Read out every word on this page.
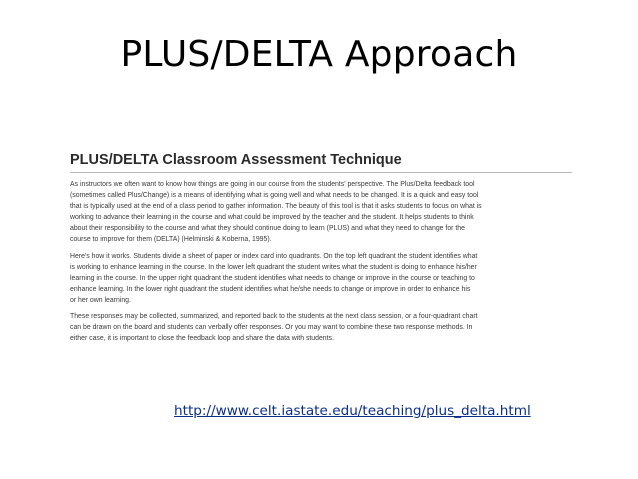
PLUS/DELTA Approach
PLUS/DELTA Classroom Assessment Technique

As instructors we often want to know how things are going in our course from the students' perspective. The Plus/Delta feedback tool
(sometimes called Plus/Change) is a means of identifying what is going well and what needs to be changed. It is a quick and easy tool
that is typically used at the end of a class period to gather information. The beauty of this tool is that it asks students to focus on what is
working to advance their learning in the course and what could be improved by the teacher and the student. It helps students to think
about their responsibility to the course and what they should continue doing to learn (PLUS) and what they need to change for the
course to improve for them (DELTA) (Helminski & Koberna, 1995).

Here's how it works. Students divide a sheet of paper or index card into quadrants. On the top left quadrant the student identifies what
is working to enhance learning in the course. In the lower left quadrant the student writes what the student is doing to enhance his/her
learning in the course. In the upper right quadrant the student identifies what needs to change or improve in the course or teaching to
enhance learning. In the lower right quadrant the student identifies what he/she needs to change or improve in order to enhance his
or her own learning.

These responses may be collected, summarized, and reported back to the students at the next class session, or a four-quadrant chart
can be drawn on the board and students can verbally offer responses. Or you may want to combine these two response methods. In
either case, it is important to close the feedback loop and share the data with students.

http://www.celt.iastate.edu/teaching/plus_delta.html
